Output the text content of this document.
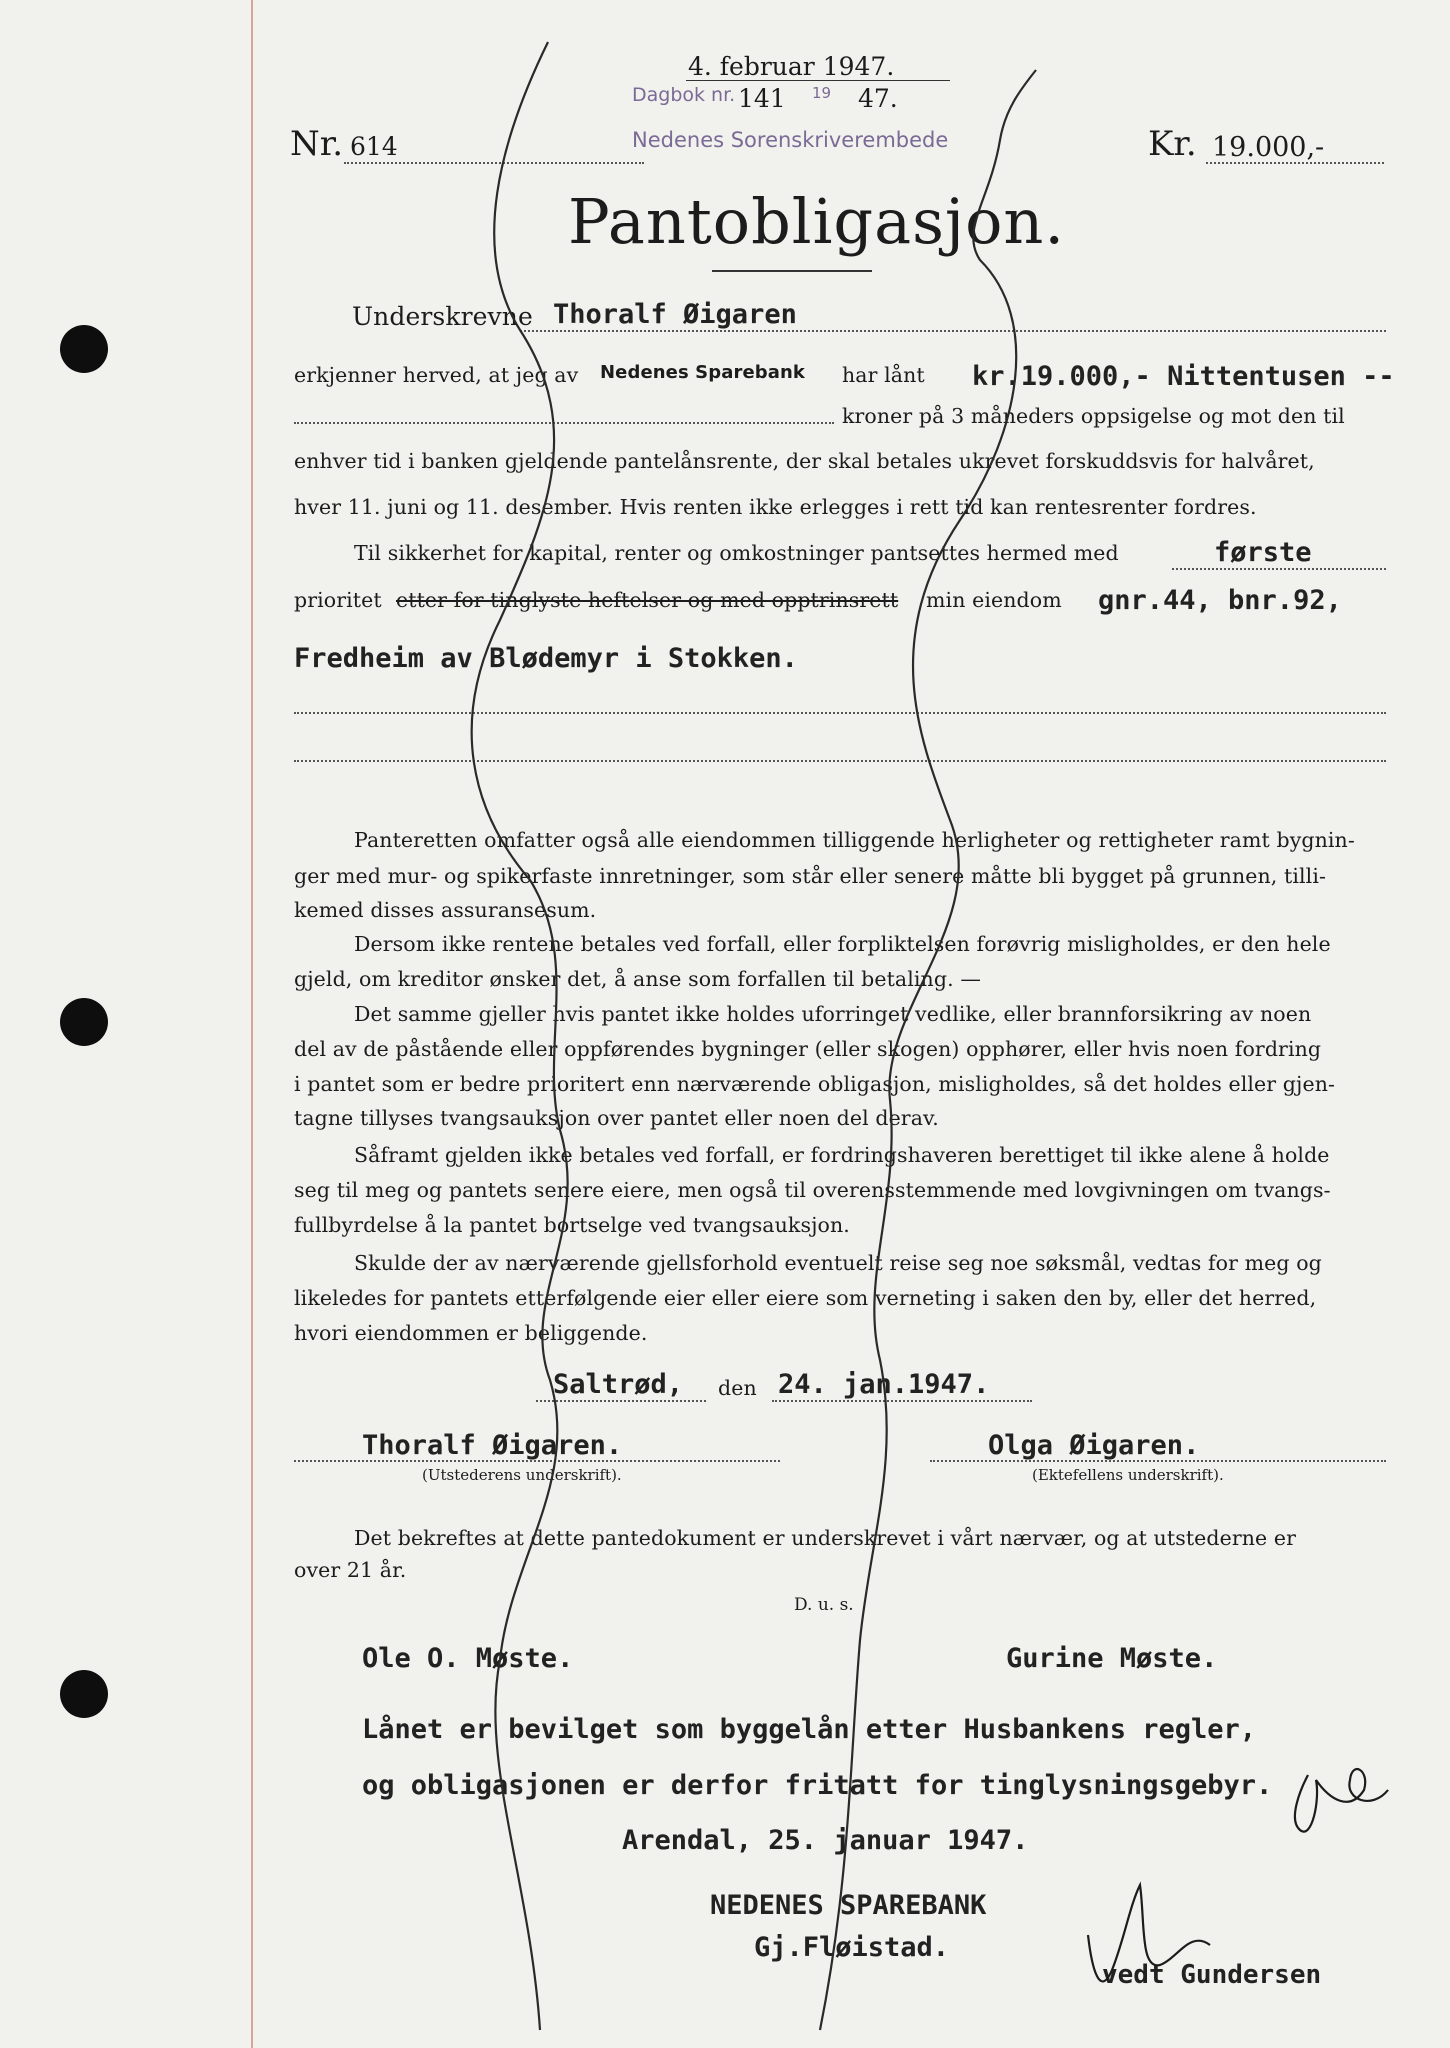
4. februar 1947.
Dagbok nr. 141 19 47.
Nedenes Sorenskriverembede
Nr. 614	Kr. 19.000,-
Pantobligasjon.
Underskrevne Thoralf Øigaren
erkjenner herved, at jeg av Nedenes Sparebank har lånt kr.19.000,- Nittentusen --
kroner på 3 måneders oppsigelse og mot den til
enhver tid i banken gjeldende pantelånsrente, der skal betales ukrevet forskuddsvis for halvåret,
hver 11. juni og 11. desember. Hvis renten ikke erlegges i rett tid kan rentesrenter fordres.
Til sikkerhet for kapital, renter og omkostninger pantsettes hermed med	første
prioritet etter for tinglyste heftelser og med opptrinsrett min eiendom gnr.44, bnr.92,
Fredheim av Blødemyr i Stokken.
Panteretten omfatter også alle eiendommen tilliggende herligheter og rettigheter ramt bygnin-
ger med mur- og spikerfaste innretninger, som står eller senere måtte bli bygget på grunnen, tilli-
kemed disses assuransesum.
Dersom ikke rentene betales ved forfall, eller forpliktelsen forøvrig misligholdes, er den hele
gjeld, om kreditor ønsker det, å anse som forfallen til betaling. —
Det samme gjeller hvis pantet ikke holdes uforringet vedlike, eller brannforsikring av noen
del av de påstående eller oppførendes bygninger (eller skogen) opphører, eller hvis noen fordring
i pantet som er bedre prioritert enn nærværende obligasjon, misligholdes, så det holdes eller gjen-
tagne tillyses tvangsauksjon over pantet eller noen del derav.
Såframt gjelden ikke betales ved forfall, er fordringshaveren berettiget til ikke alene å holde
seg til meg og pantets senere eiere, men også til overensstemmende med lovgivningen om tvangs-
fullbyrdelse å la pantet bortselge ved tvangsauksjon.
Skulde der av nærværende gjellsforhold eventuelt reise seg noe søksmål, vedtas for meg og
likeledes for pantets etterfølgende eier eller eiere som verneting i saken den by, eller det herred,
hvori eiendommen er beliggende.
Saltrød, den 24. jan.1947.
Thoralf Øigaren.
(Utstederens underskrift).
Olga Øigaren.
(Ektefellens underskrift).
Det bekreftes at dette pantedokument er underskrevet i vårt nærvær, og at utstederne er
over 21 år.
D. u. s.
Ole O. Møste.	Gurine Møste.
Lånet er bevilget som byggelån etter Husbankens regler,
og obligasjonen er derfor fritatt for tinglysningsgebyr.
Arendal, 25. januar 1947.
NEDENES SPAREBANK
Gj.Fløistad.
vedt Gundersen
